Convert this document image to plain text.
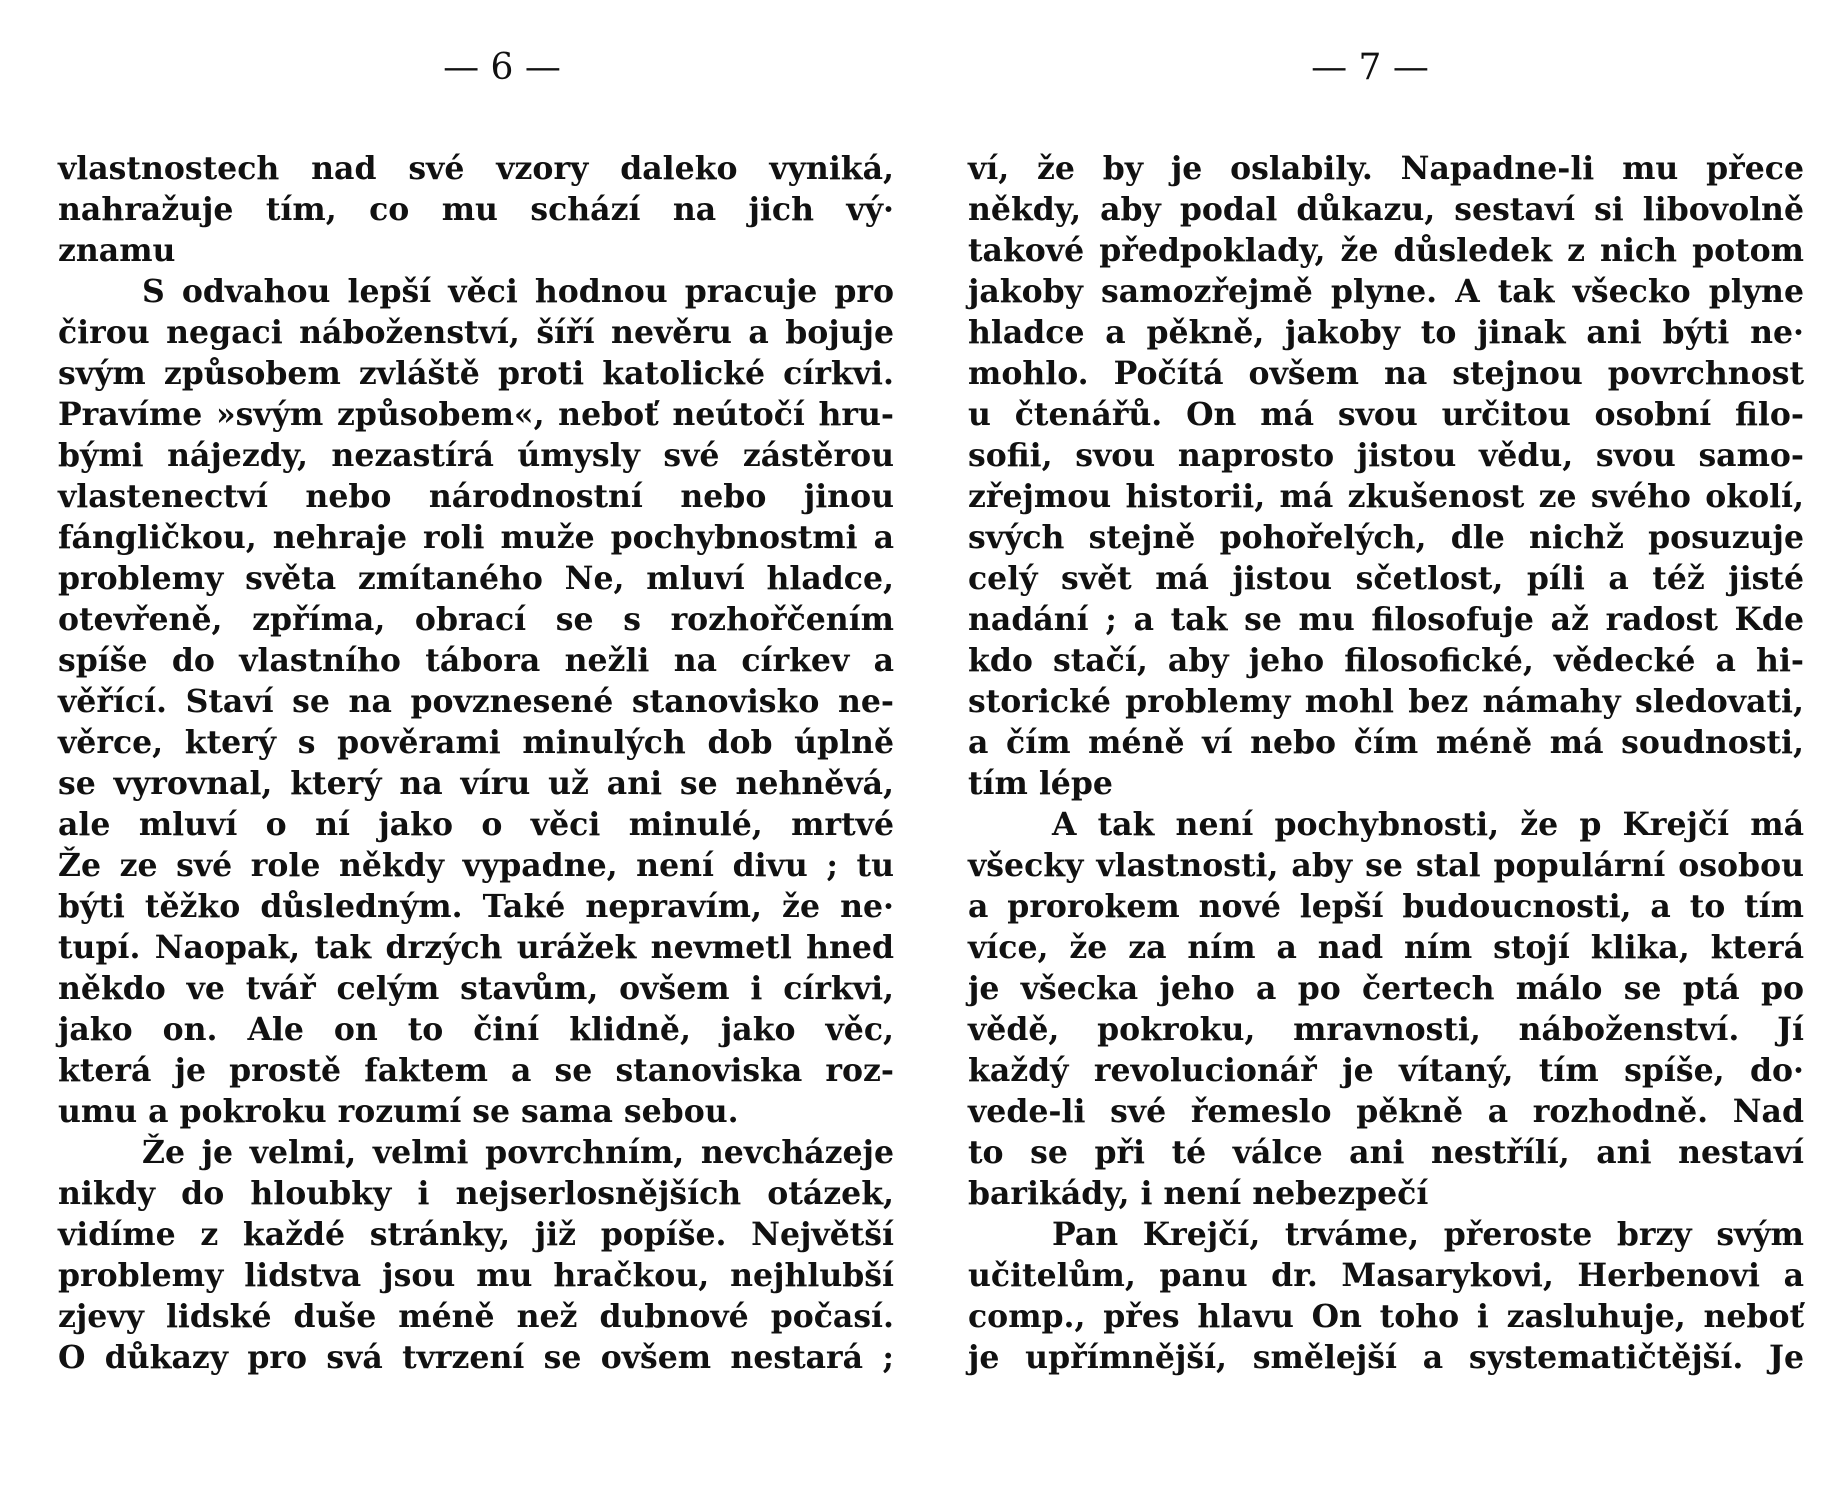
— 6 —
vlastnostech nad své vzory daleko vyniká,
nahražuje tím, co mu schází na jich vý·
znamu
S odvahou lepší věci hodnou pracuje pro
čirou negaci náboženství, šíří nevěru a bojuje
svým způsobem zvláště proti katolické církvi.
Pravíme »svým způsobem«, neboť neútočí hru-
bými nájezdy, nezastírá úmysly své zástěrou
vlastenectví nebo národnostní nebo jinou
fángličkou, nehraje roli muže pochybnostmi a
problemy světa zmítaného Ne, mluví hladce,
otevřeně, zpříma, obrací se s rozhořčením
spíše do vlastního tábora nežli na církev a
věřící. Staví se na povznesené stanovisko ne-
věrce, který s pověrami minulých dob úplně
se vyrovnal, který na víru už ani se nehněvá,
ale mluví o ní jako o věci minulé, mrtvé
Že ze své role někdy vypadne, není divu ; tu
býti těžko důsledným. Také nepravím, že ne·
tupí. Naopak, tak drzých urážek nevmetl hned
někdo ve tvář celým stavům, ovšem i církvi,
jako on. Ale on to činí klidně, jako věc,
která je prostě faktem a se stanoviska roz-
umu a pokroku rozumí se sama sebou.
Že je velmi, velmi povrchním, nevcházeje
nikdy do hloubky i nejserlosnějších otázek,
vidíme z každé stránky, již popíše. Největší
problemy lidstva jsou mu hračkou, nejhlubší
zjevy lidské duše méně než dubnové počasí.
O důkazy pro svá tvrzení se ovšem nestará ;
— 7 —
ví, že by je oslabily. Napadne-li mu přece
někdy, aby podal důkazu, sestaví si libovolně
takové předpoklady, že důsledek z nich potom
jakoby samozřejmě plyne. A tak všecko plyne
hladce a pěkně, jakoby to jinak ani býti ne·
mohlo. Počítá ovšem na stejnou povrchnost
u čtenářů. On má svou určitou osobní filo-
sofii, svou naprosto jistou vědu, svou samo-
zřejmou historii, má zkušenost ze svého okolí,
svých stejně pohořelých, dle nichž posuzuje
celý svět má jistou sčetlost, píli a též jisté
nadání ; a tak se mu filosofuje až radost Kde
kdo stačí, aby jeho filosofické, vědecké a hi-
storické problemy mohl bez námahy sledovati,
a čím méně ví nebo čím méně má soudnosti,
tím lépe
A tak není pochybnosti, že p Krejčí má
všecky vlastnosti, aby se stal populární osobou
a prorokem nové lepší budoucnosti, a to tím
více, že za ním a nad ním stojí klika, která
je všecka jeho a po čertech málo se ptá po
vědě, pokroku, mravnosti, náboženství. Jí
každý revolucionář je vítaný, tím spíše, do·
vede-li své řemeslo pěkně a rozhodně. Nad
to se při té válce ani nestřílí, ani nestaví
barikády, i není nebezpečí
Pan Krejčí, trváme, přeroste brzy svým
učitelům, panu dr. Masarykovi, Herbenovi a
comp., přes hlavu On toho i zasluhuje, neboť
je upřímnější, smělejší a systematičtější. Je
